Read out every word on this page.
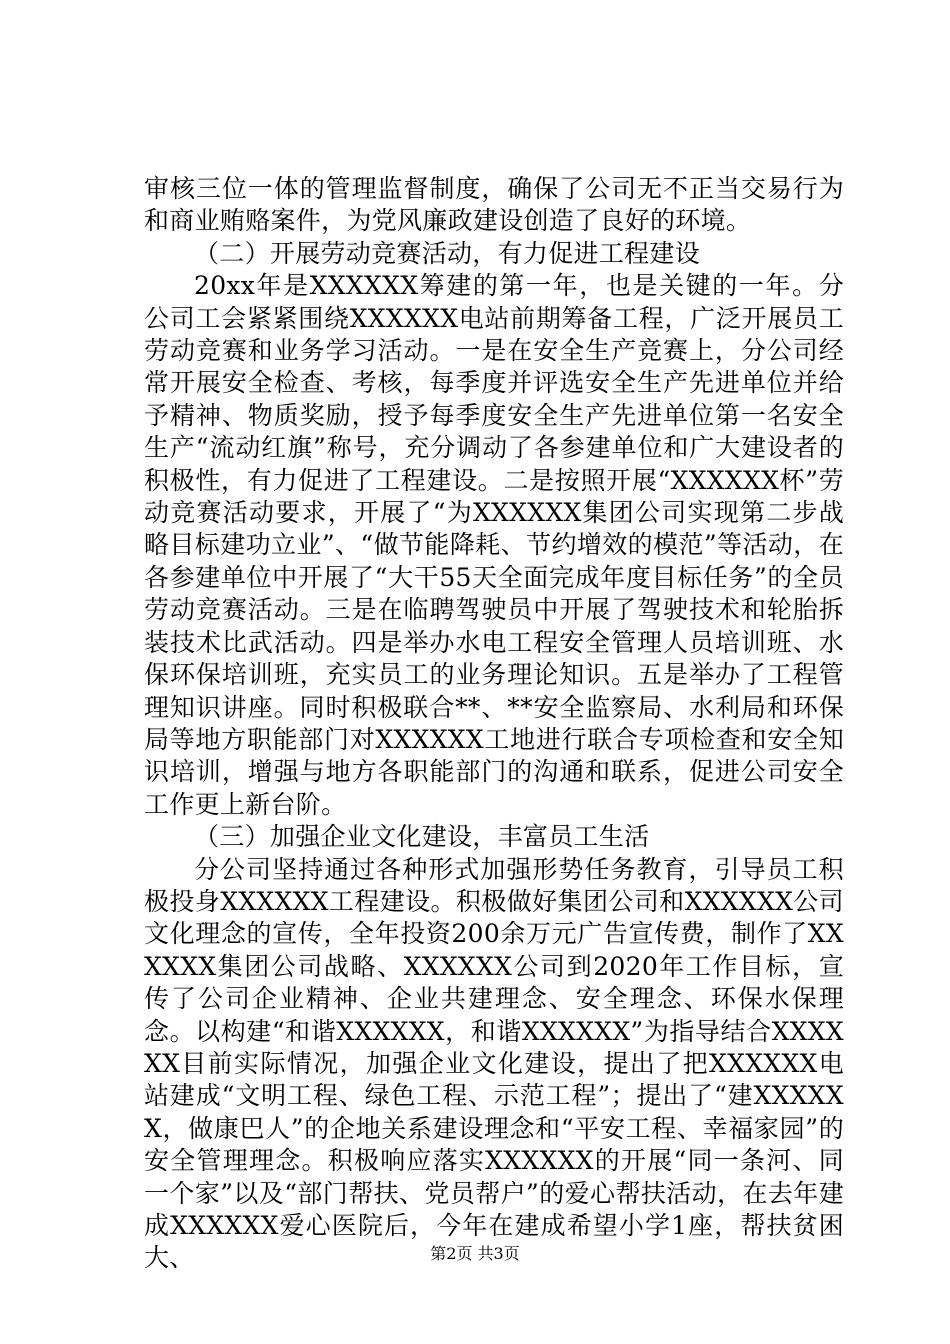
审核三位一体的管理监督制度，确保了公司无不正当交易行为和商业贿赂案件，为党风廉政建设创造了良好的环境。

（二）开展劳动竞赛活动，有力促进工程建设

20xx年是XXXXXX筹建的第一年，也是关键的一年。分公司工会紧紧围绕XXXXXX电站前期筹备工程，广泛开展员工劳动竞赛和业务学习活动。一是在安全生产竞赛上，分公司经常开展安全检查、考核，每季度并评选安全生产先进单位并给予精神、物质奖励，授予每季度安全生产先进单位第一名安全生产“流动红旗”称号，充分调动了各参建单位和广大建设者的积极性，有力促进了工程建设。二是按照开展“XXXXXX杯”劳动竞赛活动要求，开展了“为XXXXXX集团公司实现第二步战略目标建功立业”、“做节能降耗、节约增效的模范”等活动，在各参建单位中开展了“大干55天全面完成年度目标任务”的全员劳动竞赛活动。三是在临聘驾驶员中开展了驾驶技术和轮胎拆装技术比武活动。四是举办水电工程安全管理人员培训班、水保环保培训班，充实员工的业务理论知识。五是举办了工程管理知识讲座。同时积极联合**、**安全监察局、水利局和环保局等地方职能部门对XXXXXX工地进行联合专项检查和安全知识培训，增强与地方各职能部门的沟通和联系，促进公司安全工作更上新台阶。

（三）加强企业文化建设，丰富员工生活

分公司坚持通过各种形式加强形势任务教育，引导员工积极投身XXXXXX工程建设。积极做好集团公司和XXXXXX公司文化理念的宣传，全年投资200余万元广告宣传费，制作了XXXXXX集团公司战略、XXXXXX公司到2020年工作目标，宣传了公司企业精神、企业共建理念、安全理念、环保水保理念。以构建“和谐XXXXXX，和谐XXXXXX”为指导结合XXXXXX目前实际情况，加强企业文化建设，提出了把XXXXXX电站建成“文明工程、绿色工程、示范工程”；提出了“建XXXXXX，做康巴人”的企地关系建设理念和“平安工程、幸福家园”的安全管理理念。积极响应落实XXXXXX的开展“同一条河、同一个家”以及“部门帮扶、党员帮户”的爱心帮扶活动，在去年建成XXXXXX爱心医院后，今年在建成希望小学1座，帮扶贫困大、	第2页 共3页
